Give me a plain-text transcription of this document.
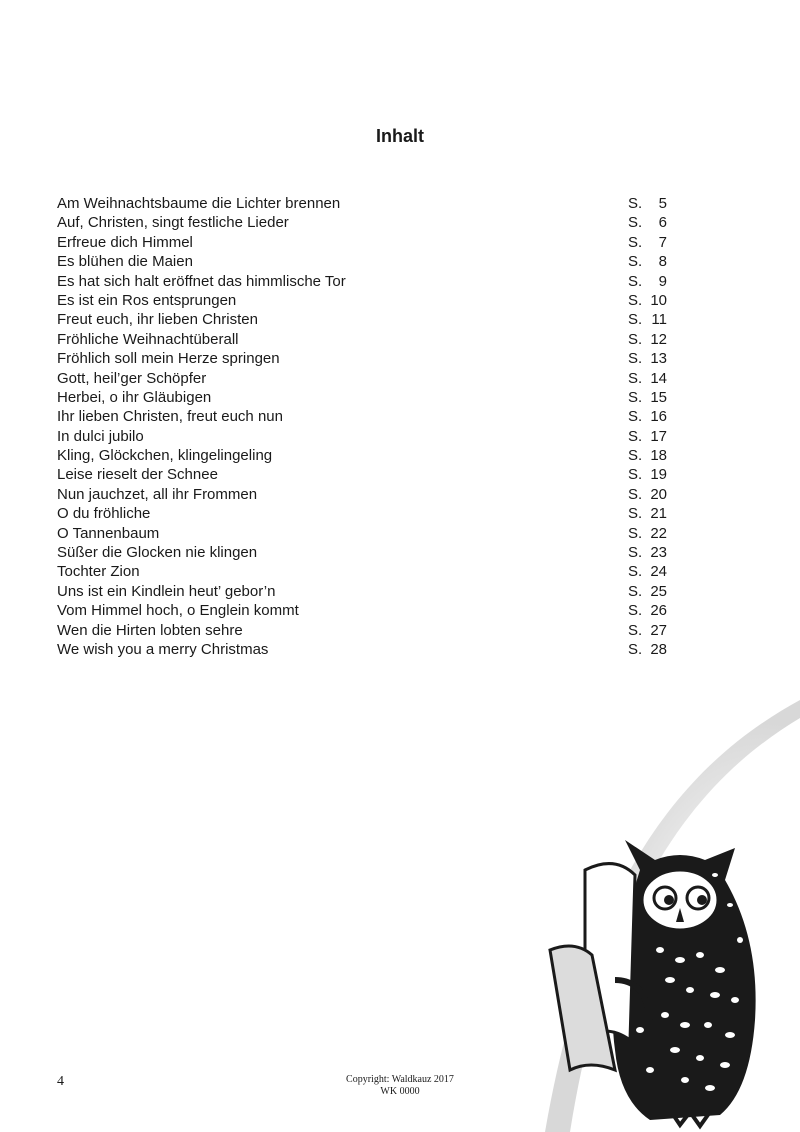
Inhalt
Am Weihnachtsbaume die Lichter brennen	S.	5
Auf, Christen, singt festliche Lieder	S.	6
Erfreue dich Himmel	S.	7
Es blühen die Maien	S.	8
Es hat sich halt eröffnet das himmlische Tor	S.	9
Es ist ein Ros entsprungen	S. 10
Freut euch, ihr lieben Christen	S. 11
Fröhliche Weihnachtüberall	S. 12
Fröhlich soll mein Herze springen	S. 13
Gott, heil’ger Schöpfer	S. 14
Herbei, o ihr Gläubigen	S. 15
Ihr lieben Christen, freut euch nun	S. 16
In dulci jubilo	S. 17
Kling, Glöckchen, klingelingeling	S. 18
Leise rieselt der Schnee	S. 19
Nun jauchzet, all ihr Frommen	S. 20
O du fröhliche	S. 21
O Tannenbaum	S. 22
Süßer die Glocken nie klingen	S. 23
Tochter Zion	S. 24
Uns ist ein Kindlein heut’ gebor’n	S. 25
Vom Himmel hoch, o Englein kommt	S. 26
Wen die Hirten lobten sehre	S. 27
We wish you a merry Christmas	S. 28
4	Copyright: Waldkauz 2017
WK 0000
